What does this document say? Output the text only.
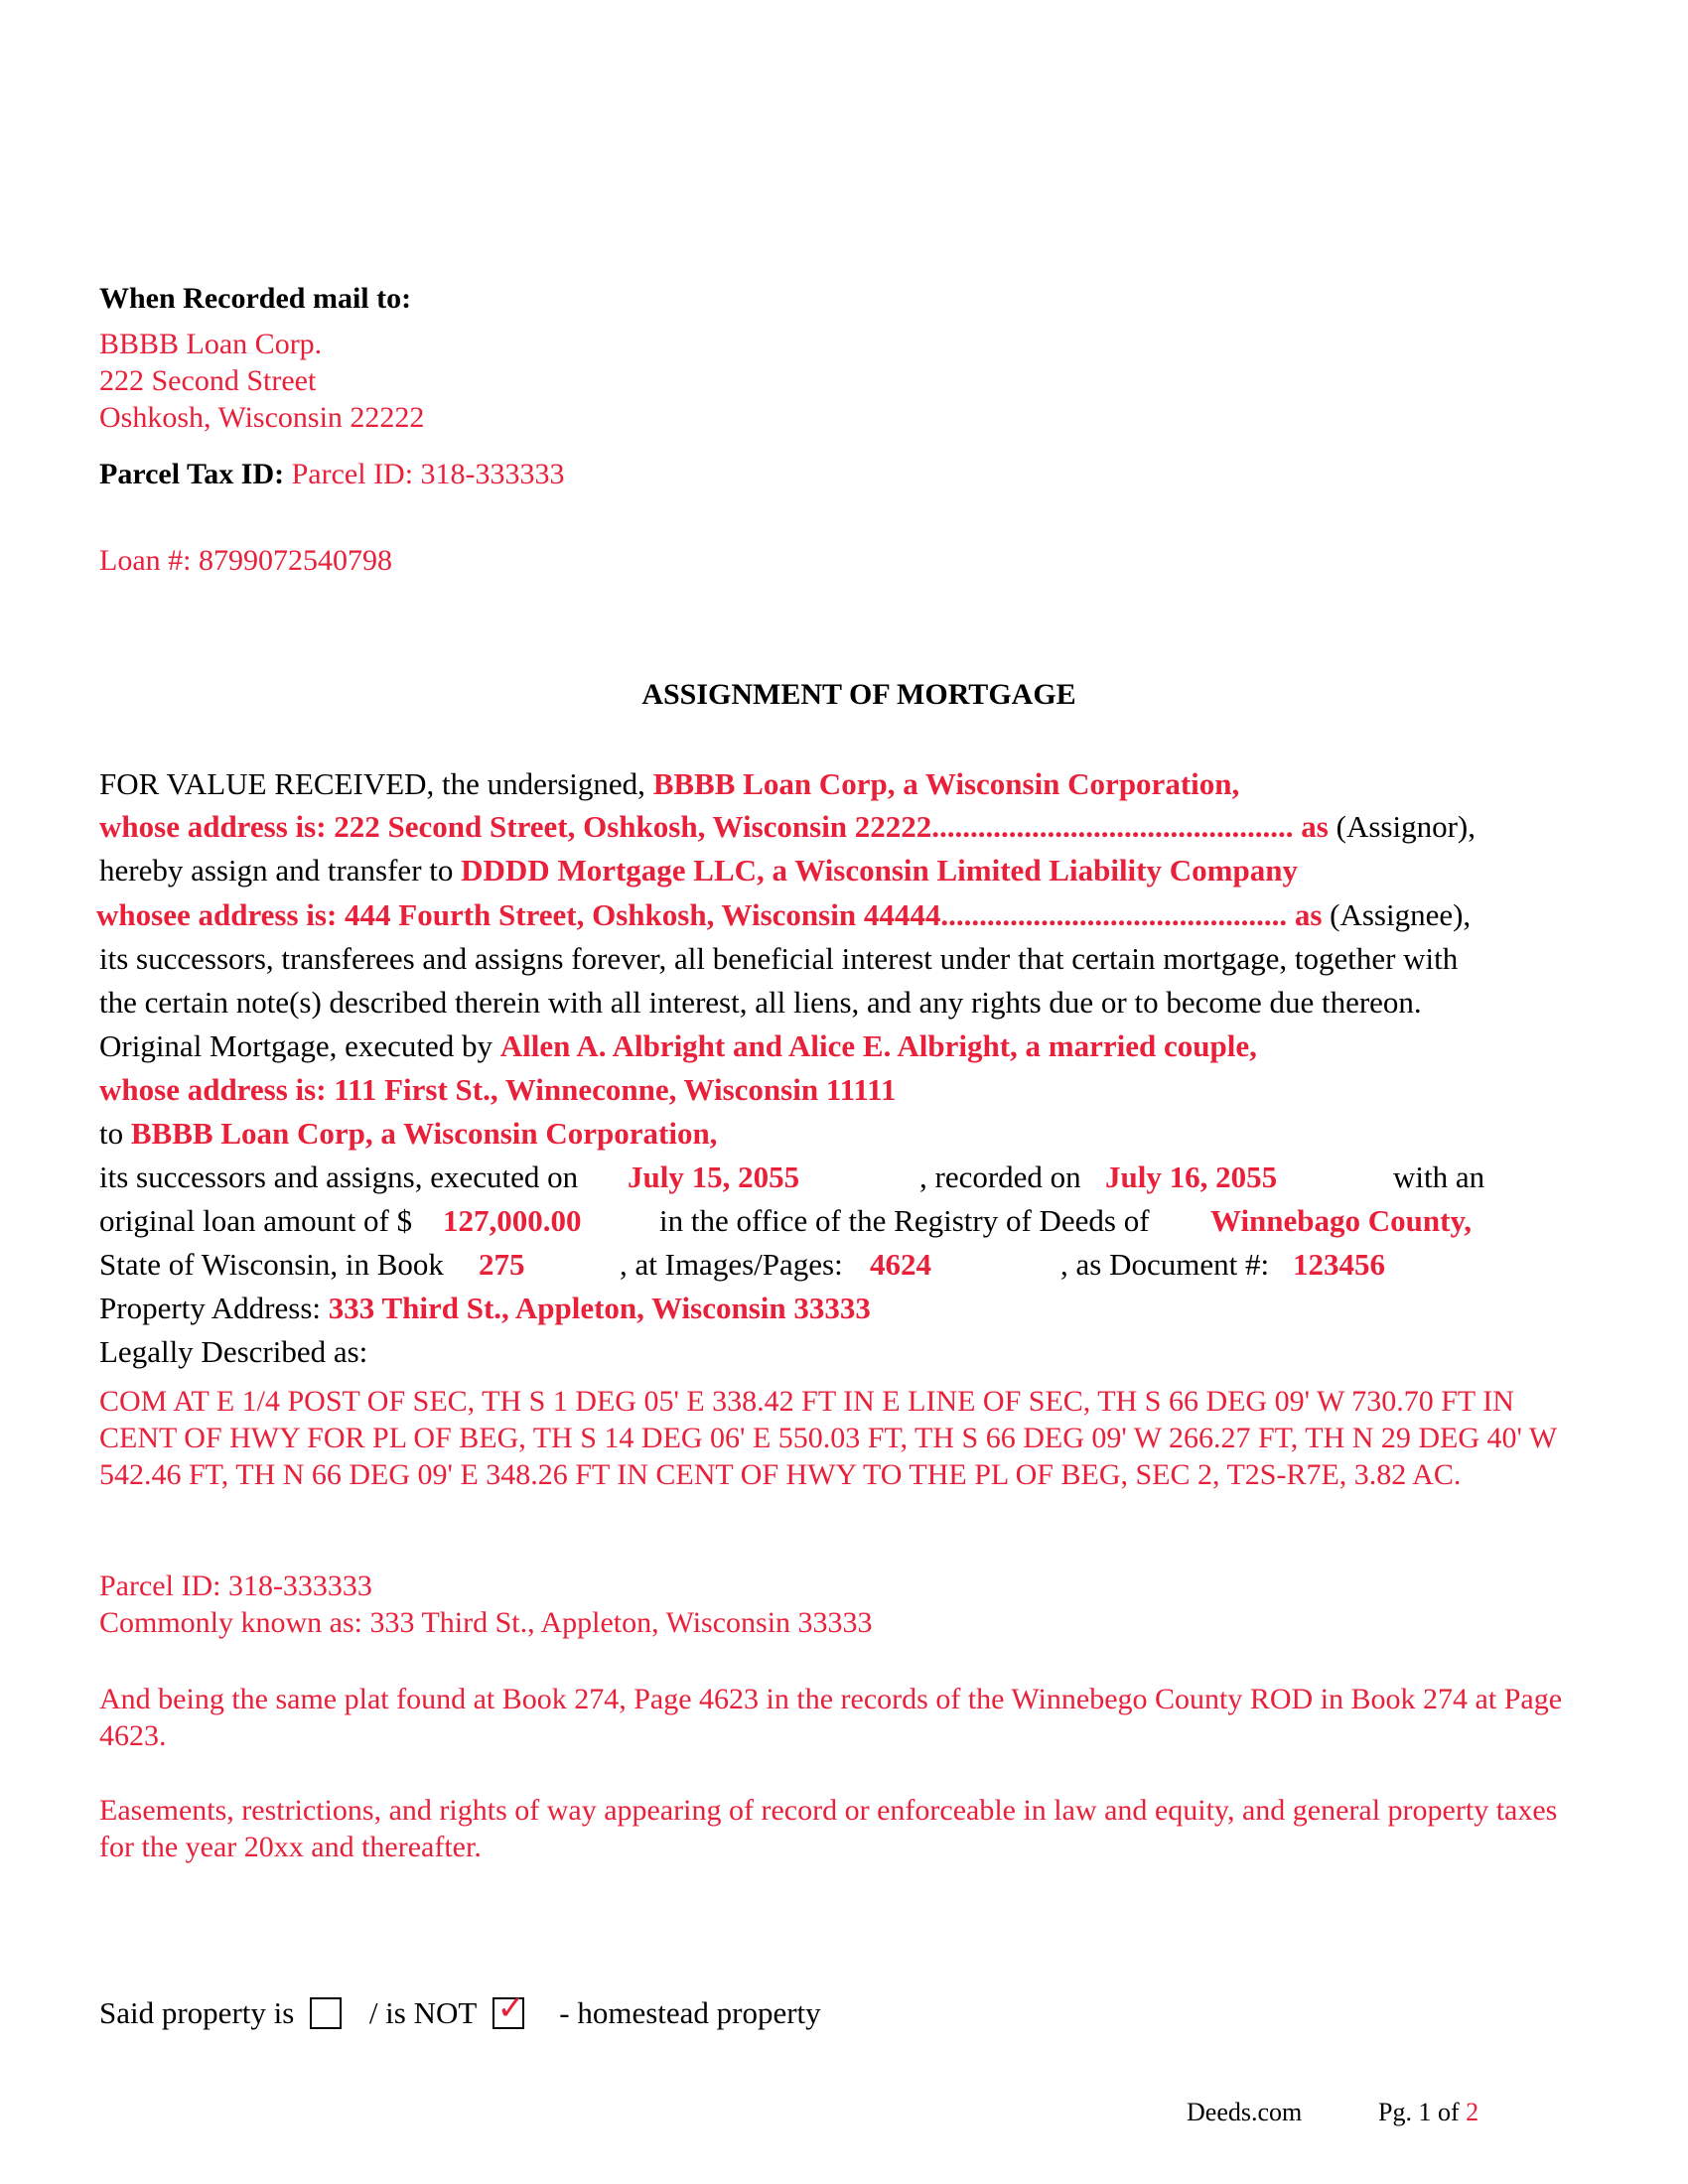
When Recorded mail to:
BBBB Loan Corp.
222 Second Street
Oshkosh, Wisconsin 22222
Parcel Tax ID: Parcel ID: 318-333333
Loan #: 8799072540798
ASSIGNMENT OF MORTGAGE
FOR VALUE RECEIVED, the undersigned, BBBB Loan Corp, a Wisconsin Corporation,
whose address is: 222 Second Street, Oshkosh, Wisconsin 22222............................................... as (Assignor),
hereby assign and transfer to DDDD Mortgage LLC, a Wisconsin Limited Liability Company
whosee address is: 444 Fourth Street, Oshkosh, Wisconsin 44444............................................. as (Assignee),
its successors, transferees and assigns forever, all beneficial interest under that certain mortgage, together with
the certain note(s) described therein with all interest, all liens, and any rights due or to become due thereon.
Original Mortgage, executed by Allen A. Albright and Alice E. Albright, a married couple,
whose address is: 111 First St., Winneconne, Wisconsin 11111
to BBBB Loan Corp, a Wisconsin Corporation,
its successors and assigns, executed on July 15, 2055	, recorded on July 16, 2055	with an
original loan amount of $ 127,000.00	in the office of the Registry of Deeds of Winnebago County,
State of Wisconsin, in Book 275	, at Images/Pages: 4624	, as Document #: 123456
Property Address: 333 Third St., Appleton, Wisconsin 33333
Legally Described as:
COM AT E 1/4 POST OF SEC, TH S 1 DEG 05' E 338.42 FT IN E LINE OF SEC, TH S 66 DEG 09' W 730.70 FT IN CENT OF HWY FOR PL OF BEG, TH S 14 DEG 06' E 550.03 FT, TH S 66 DEG 09' W 266.27 FT, TH N 29 DEG 40' W 542.46 FT, TH N 66 DEG 09' E 348.26 FT IN CENT OF HWY TO THE PL OF BEG, SEC 2, T2S-R7E, 3.82 AC.
Parcel ID: 318-333333
Commonly known as: 333 Third St., Appleton, Wisconsin 33333
And being the same plat found at Book 274, Page 4623 in the records of the Winnebego County ROD in Book 274 at Page 4623.
Easements, restrictions, and rights of way appearing of record or enforceable in law and equity, and general property taxes for the year 20xx and thereafter.
Said property is / is NOT ✓ - homestead property
Deeds.com	Pg. 1 of 2
